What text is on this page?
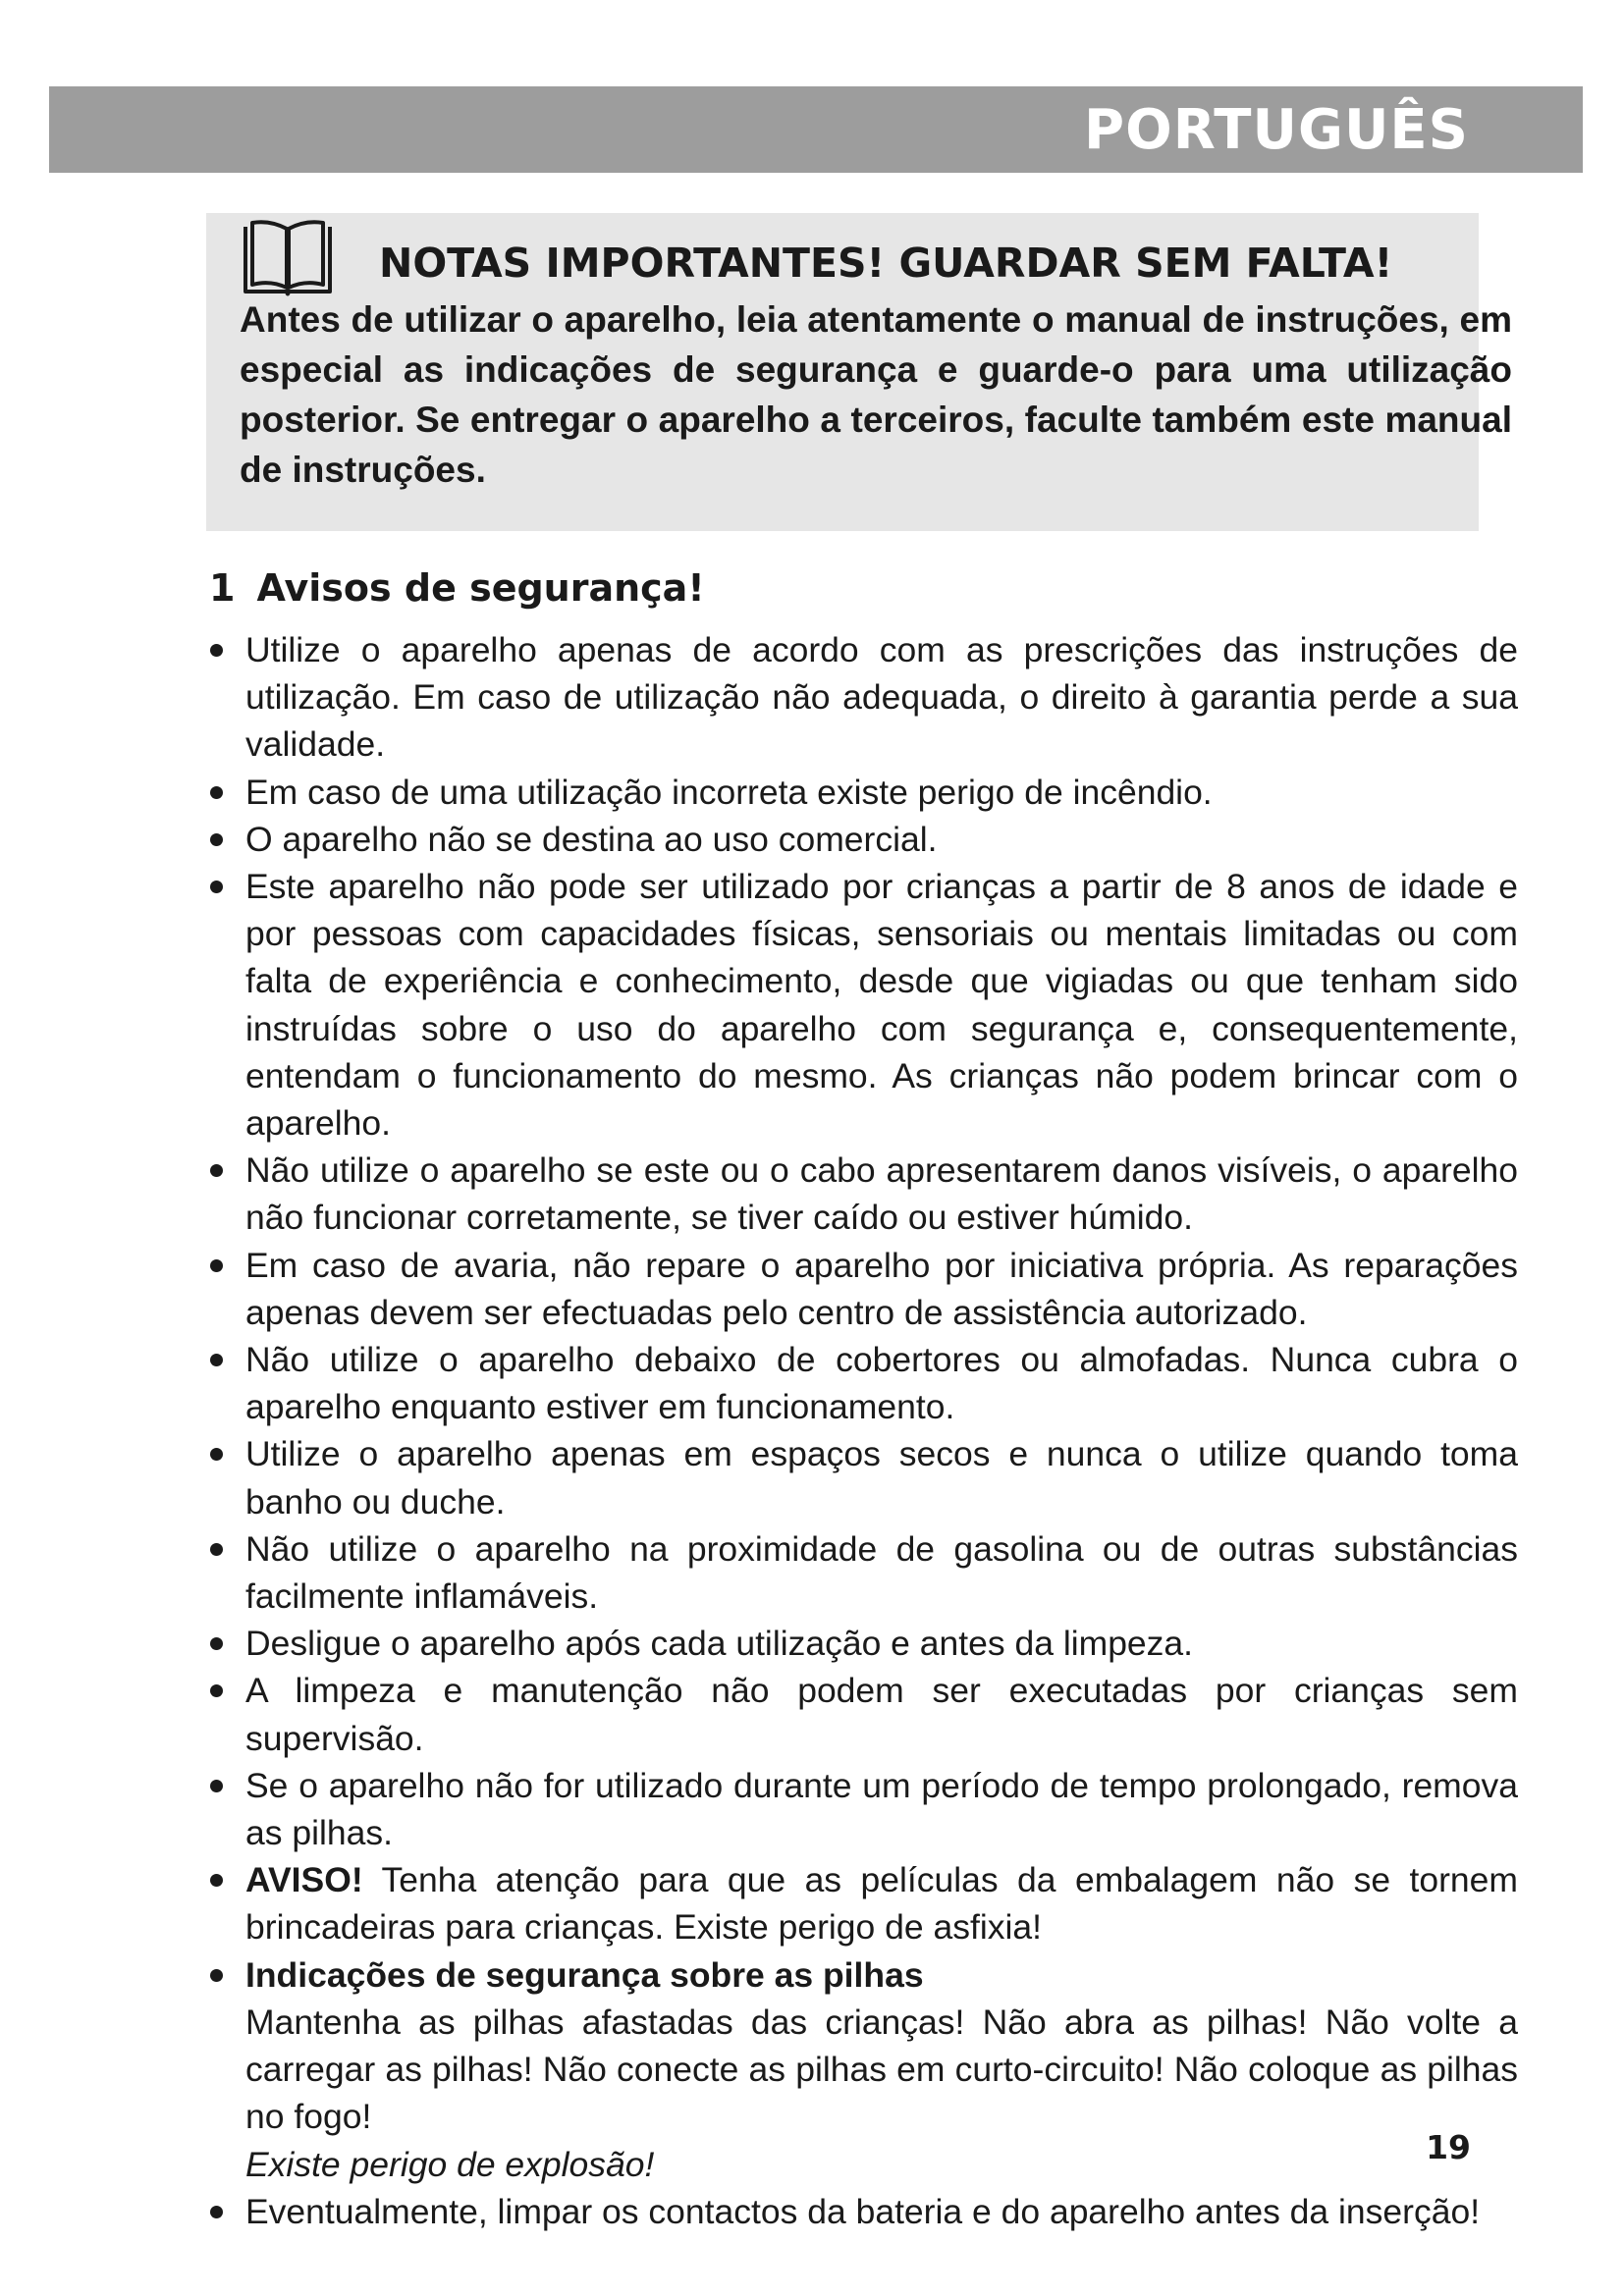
PORTUGUÊS
NOTAS IMPORTANTES! GUARDAR SEM FALTA!

Antes de utilizar o aparelho, leia atentamente o manual de instruções, em especial as indicações de segurança e guarde-o para uma utilização posterior. Se entregar o aparelho a terceiros, faculte também este manual de instruções.

1 Avisos de segurança!
Utilize o aparelho apenas de acordo com as prescrições das instruções de utilização. Em caso de utilização não adequada, o direito à garantia perde a sua validade.
Em caso de uma utilização incorreta existe perigo de incêndio.
O aparelho não se destina ao uso comercial.
Este aparelho não pode ser utilizado por crianças a partir de 8 anos de idade e por pessoas com capacidades físicas, sensoriais ou mentais limitadas ou com falta de experiência e conhecimento, desde que vigiadas ou que tenham sido instruídas sobre o uso do aparelho com segurança e, consequentemente, entendam o funcionamento do mesmo. As crianças não podem brincar com o aparelho.
Não utilize o aparelho se este ou o cabo apresentarem danos visíveis, o aparelho não funcionar corretamente, se tiver caído ou estiver húmido.
Em caso de avaria, não repare o aparelho por iniciativa própria. As reparações apenas devem ser efectuadas pelo centro de assistência autorizado.
Não utilize o aparelho debaixo de cobertores ou almofadas. Nunca cubra o aparelho enquanto estiver em funcionamento.
Utilize o aparelho apenas em espaços secos e nunca o utilize quando toma banho ou duche.
Não utilize o aparelho na proximidade de gasolina ou de outras substâncias facilmente inflamáveis.
Desligue o aparelho após cada utilização e antes da limpeza.
A limpeza e manutenção não podem ser executadas por crianças sem supervisão.
Se o aparelho não for utilizado durante um período de tempo prolongado, remova as pilhas.
AVISO! Tenha atenção para que as películas da embalagem não se tornem brincadeiras para crianças. Existe perigo de asfixia!
Indicações de segurança sobre as pilhas
Mantenha as pilhas afastadas das crianças! Não abra as pilhas! Não volte a carregar as pilhas! Não conecte as pilhas em curto-circuito! Não coloque as pilhas no fogo!
Existe perigo de explosão!
Eventualmente, limpar os contactos da bateria e do aparelho antes da inserção!
19
